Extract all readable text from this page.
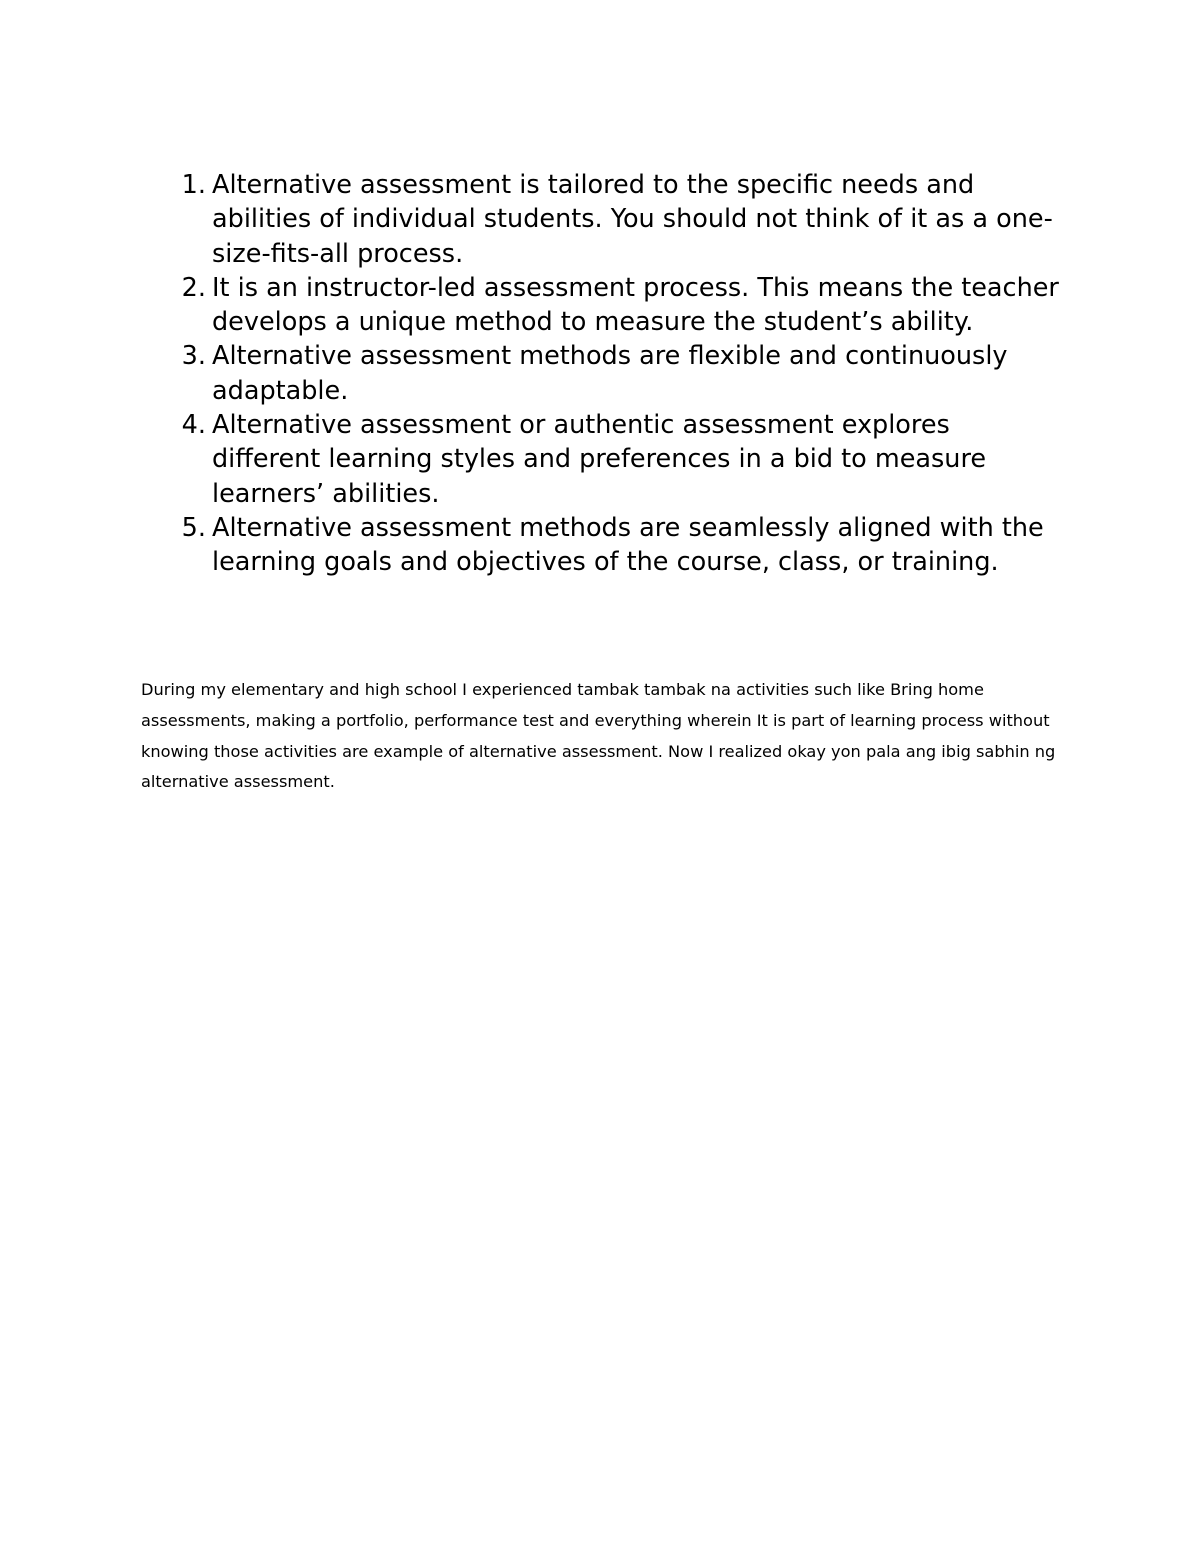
1. Alternative assessment is tailored to the specific needs and abilities of individual students. You should not think of it as a one-size-fits-all process.
2. It is an instructor-led assessment process. This means the teacher develops a unique method to measure the student’s ability.
3. Alternative assessment methods are flexible and continuously adaptable.
4. Alternative assessment or authentic assessment explores different learning styles and preferences in a bid to measure learners’ abilities.
5. Alternative assessment methods are seamlessly aligned with the learning goals and objectives of the course, class, or training.

During my elementary and high school I experienced tambak tambak na activities such like Bring home assessments, making a portfolio, performance test and everything wherein It is part of learning process without knowing those activities are example of alternative assessment. Now I realized okay yon pala ang ibig sabhin ng alternative assessment.
